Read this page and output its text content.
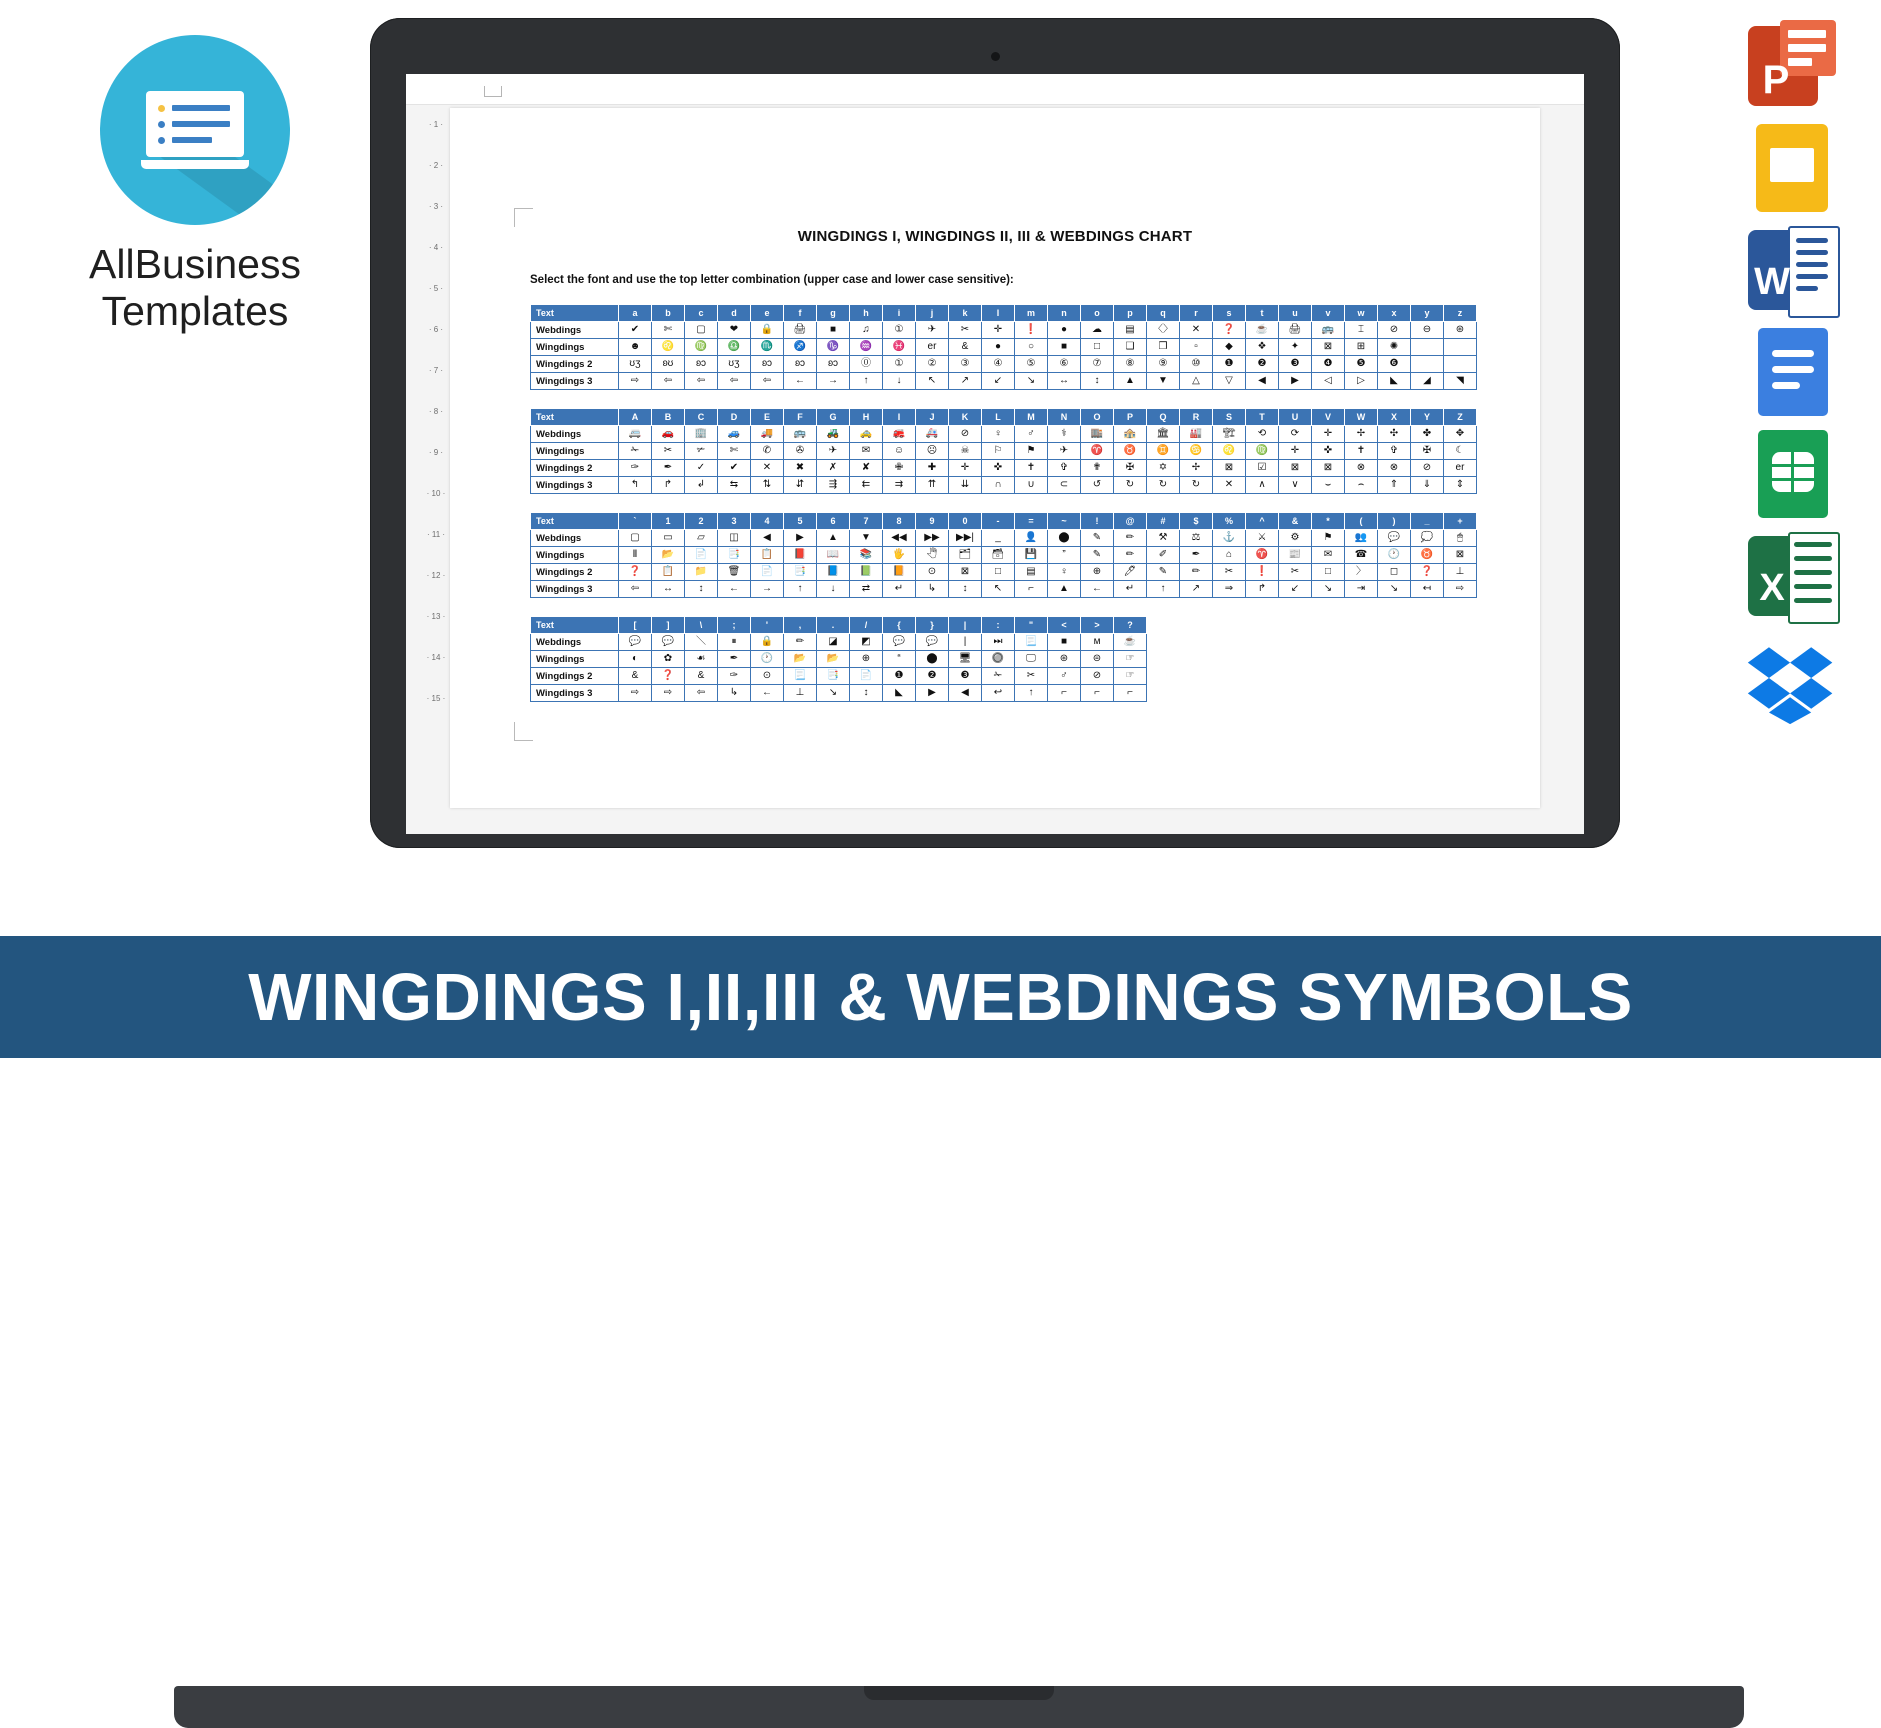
AllBusiness
Templates
· 1 ·
· 2 ·
· 3 ·
· 4 ·
· 5 ·
· 6 ·
· 7 ·
· 8 ·
· 9 ·
· 10 ·
· 11 ·
· 12 ·
· 13 ·
· 14 ·
· 15 ·
WINGDINGS I, WINGDINGS II, III & WEBDINGS CHART
Select the font and use the top letter combination (upper case and lower case sensitive):
Text	a	b	c	d	e	f	g	h	i	j	k	l	m	n	o	p	q	r	s	t	u	v	w	x	y	z
Webdings	✔	✄	▢	❤	🔒	🖨	■	♫	①	✈	✂	✛	❗	●	☁	▤	〈〉	✕	❓	☕	🖨	🚌	⌶	⊘	⊖	⊛
Wingdings	☻	♌	♍	♎	♏	♐	♑	♒	♓	er	&	●	○	■	□	❑	❒	▫	◆	❖	✦	⊠	⊞	✺		
Wingdings 2	ʊʒ	ʚʊ	ʚɔ	ʊʒ	ʚɔ	ʚɔ	ʚɔ	⓪	①	②	③	④	⑤	⑥	⑦	⑧	⑨	⑩	❶	❷	❸	❹	❺	❻		
Wingdings 3	⇨	⇦	⇦	⇦	⇦	←	→	↑	↓	↖	↗	↙	↘	↔	↕	▲	▼	△	▽	◀	▶	◁	▷	◣	◢	◥
Text	A	B	C	D	E	F	G	H	I	J	K	L	M	N	O	P	Q	R	S	T	U	V	W	X	Y	Z
Webdings	🚐	🚗	🏢	🚙	🚚	🚌	🚜	🚕	🚒	🚑	⊘	♀	♂	⚕	🏬	🏤	🏛	🏭	🏗	⟲	⟳	✛	✢	✣	✤	✥
Wingdings	✁	✂	✃	✄	✆	✇	✈	✉	☺	☹	☠	⚐	⚑	✈	♈	♉	♊	♋	♌	♍	✛	✜	✝	✞	✠	☾
Wingdings 2	✑	✒	✓	✔	✕	✖	✗	✘	✙	✚	✛	✜	✝	✞	✟	✠	✡	✢	⊠	☑	⊠	⊠	⊗	⊗	⊘	er
Wingdings 3	↰	↱	↲	⇆	⇅	⇵	⇶	⇇	⇉	⇈	⇊	∩	∪	⊂	↺	↻	↻	↻	✕	∧	∨	⌣	⌢	⇑	⇓	⇕
Text	`	1	2	3	4	5	6	7	8	9	0	-	=	~	!	@	#	$	%	^	&	*	(	)	_	+
Webdings	▢	▭	▱	◫	◀	▶	▲	▼	◀◀	▶▶	▶▶|	_	👤	⬤	✎	✏	⚒	⚖	⚓	⚔	⚙	⚑	👥	💬	💭	🖱
Wingdings	Ⅱ	📂	📄	📑	📋	📕	📖	📚	🖐	🖑	🗂	🗃	💾	”	✎	✏	✐	✒	⌂	♈	📰	✉	☎	🕐	♉	⊠
Wingdings 2	❓	📋	📁	🗑	📄	📑	📘	📗	📙	⊙	⊠	□	▤	♀	⊕	🖊	✎	✏	✂	❗	✂	□	〉	◻	❓	⊥
Wingdings 3	⇦	↔	↕	←	→	↑	↓	⇄	↵	↳	↕	↖	⌐	▲	←	↵	↑	↗	⇒	↱	↙	↘	⇥	↘	↤	⇨
Text	[	]	\	;	'	,	.	/	{	}	|	:	"	<	>	?
Webdings	💬	💬	＼	⏸	🔒	✏	◪	◩	💬	💬	|	⏭	📃	■	ᴍ	☕
Wingdings	◐	✿	☙	✒	🕐	📂	📂	⊕	“	⬤	🖥	🔘	🖵	⊛	⊜	☞
Wingdings 2	&	❓	&	✑	⊙	📃	📑	📄	❶	❷	❸	✁	✂	♂	⊘	☞
Wingdings 3	⇨	⇨	⇦	↳	←	⊥	↘	↕	◣	▶	◀	↩	↑	⌐	⌐	⌐
P
W
X
WINGDINGS I,II,III & WEBDINGS SYMBOLS
